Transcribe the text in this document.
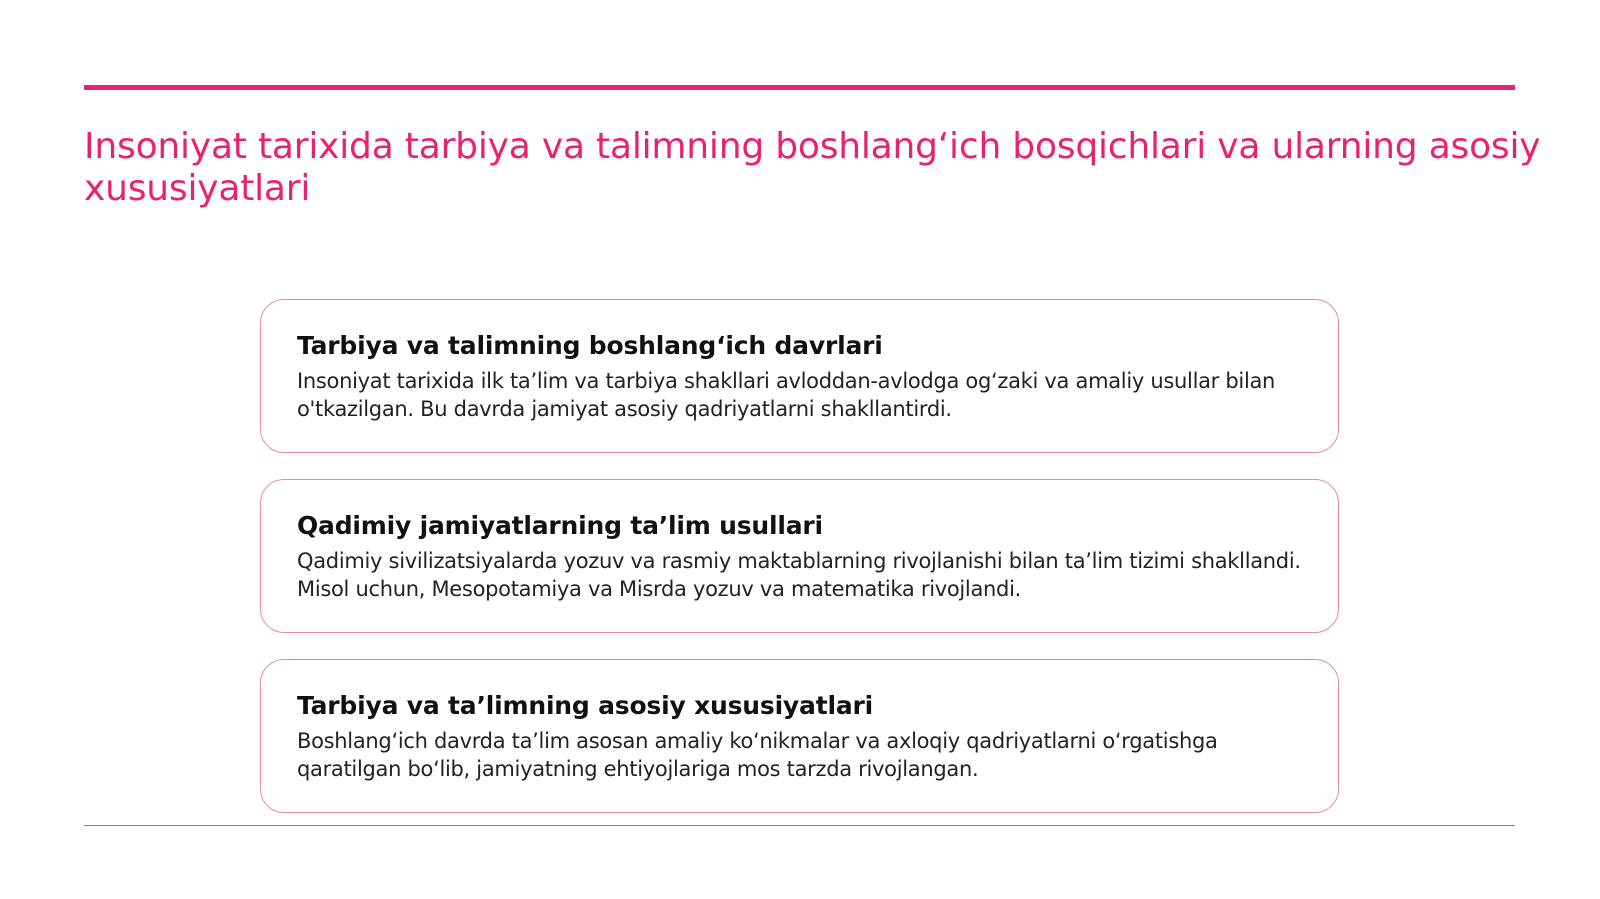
Insoniyat tarixida tarbiya va talimning boshlang‘ich bosqichlari va ularning asosiy xususiyatlari
Tarbiya va talimning boshlang‘ich davrlari

Insoniyat tarixida ilk ta’lim va tarbiya shakllari avloddan-avlodga og‘zaki va amaliy usullar bilan o'tkazilgan. Bu davrda jamiyat asosiy qadriyatlarni shakllantirdi.

Qadimiy jamiyatlarning ta’lim usullari

Qadimiy sivilizatsiyalarda yozuv va rasmiy maktablarning rivojlanishi bilan ta’lim tizimi shakllandi. Misol uchun, Mesopotamiya va Misrda yozuv va matematika rivojlandi.

Tarbiya va ta’limning asosiy xususiyatlari

Boshlang‘ich davrda ta’lim asosan amaliy ko‘nikmalar va axloqiy qadriyatlarni o‘rgatishga qaratilgan bo‘lib, jamiyatning ehtiyojlariga mos tarzda rivojlangan.
